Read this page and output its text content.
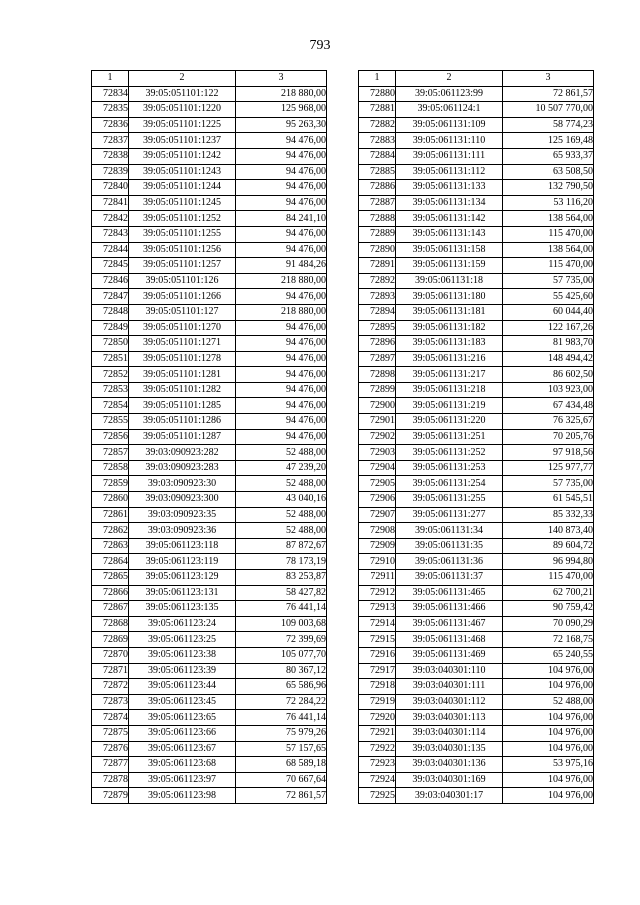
793
1	2	3
72834	39:05:051101:122	218 880,00
72835	39:05:051101:1220	125 968,00
72836	39:05:051101:1225	95 263,30
72837	39:05:051101:1237	94 476,00
72838	39:05:051101:1242	94 476,00
72839	39:05:051101:1243	94 476,00
72840	39:05:051101:1244	94 476,00
72841	39:05:051101:1245	94 476,00
72842	39:05:051101:1252	84 241,10
72843	39:05:051101:1255	94 476,00
72844	39:05:051101:1256	94 476,00
72845	39:05:051101:1257	91 484,26
72846	39:05:051101:126	218 880,00
72847	39:05:051101:1266	94 476,00
72848	39:05:051101:127	218 880,00
72849	39:05:051101:1270	94 476,00
72850	39:05:051101:1271	94 476,00
72851	39:05:051101:1278	94 476,00
72852	39:05:051101:1281	94 476,00
72853	39:05:051101:1282	94 476,00
72854	39:05:051101:1285	94 476,00
72855	39:05:051101:1286	94 476,00
72856	39:05:051101:1287	94 476,00
72857	39:03:090923:282	52 488,00
72858	39:03:090923:283	47 239,20
72859	39:03:090923:30	52 488,00
72860	39:03:090923:300	43 040,16
72861	39:03:090923:35	52 488,00
72862	39:03:090923:36	52 488,00
72863	39:05:061123:118	87 872,67
72864	39:05:061123:119	78 173,19
72865	39:05:061123:129	83 253,87
72866	39:05:061123:131	58 427,82
72867	39:05:061123:135	76 441,14
72868	39:05:061123:24	109 003,68
72869	39:05:061123:25	72 399,69
72870	39:05:061123:38	105 077,70
72871	39:05:061123:39	80 367,12
72872	39:05:061123:44	65 586,96
72873	39:05:061123:45	72 284,22
72874	39:05:061123:65	76 441,14
72875	39:05:061123:66	75 979,26
72876	39:05:061123:67	57 157,65
72877	39:05:061123:68	68 589,18
72878	39:05:061123:97	70 667,64
72879	39:05:061123:98	72 861,57
1	2	3
72880	39:05:061123:99	72 861,57
72881	39:05:061124:1	10 507 770,00
72882	39:05:061131:109	58 774,23
72883	39:05:061131:110	125 169,48
72884	39:05:061131:111	65 933,37
72885	39:05:061131:112	63 508,50
72886	39:05:061131:133	132 790,50
72887	39:05:061131:134	53 116,20
72888	39:05:061131:142	138 564,00
72889	39:05:061131:143	115 470,00
72890	39:05:061131:158	138 564,00
72891	39:05:061131:159	115 470,00
72892	39:05:061131:18	57 735,00
72893	39:05:061131:180	55 425,60
72894	39:05:061131:181	60 044,40
72895	39:05:061131:182	122 167,26
72896	39:05:061131:183	81 983,70
72897	39:05:061131:216	148 494,42
72898	39:05:061131:217	86 602,50
72899	39:05:061131:218	103 923,00
72900	39:05:061131:219	67 434,48
72901	39:05:061131:220	76 325,67
72902	39:05:061131:251	70 205,76
72903	39:05:061131:252	97 918,56
72904	39:05:061131:253	125 977,77
72905	39:05:061131:254	57 735,00
72906	39:05:061131:255	61 545,51
72907	39:05:061131:277	85 332,33
72908	39:05:061131:34	140 873,40
72909	39:05:061131:35	89 604,72
72910	39:05:061131:36	96 994,80
72911	39:05:061131:37	115 470,00
72912	39:05:061131:465	62 700,21
72913	39:05:061131:466	90 759,42
72914	39:05:061131:467	70 090,29
72915	39:05:061131:468	72 168,75
72916	39:05:061131:469	65 240,55
72917	39:03:040301:110	104 976,00
72918	39:03:040301:111	104 976,00
72919	39:03:040301:112	52 488,00
72920	39:03:040301:113	104 976,00
72921	39:03:040301:114	104 976,00
72922	39:03:040301:135	104 976,00
72923	39:03:040301:136	53 975,16
72924	39:03:040301:169	104 976,00
72925	39:03:040301:17	104 976,00
